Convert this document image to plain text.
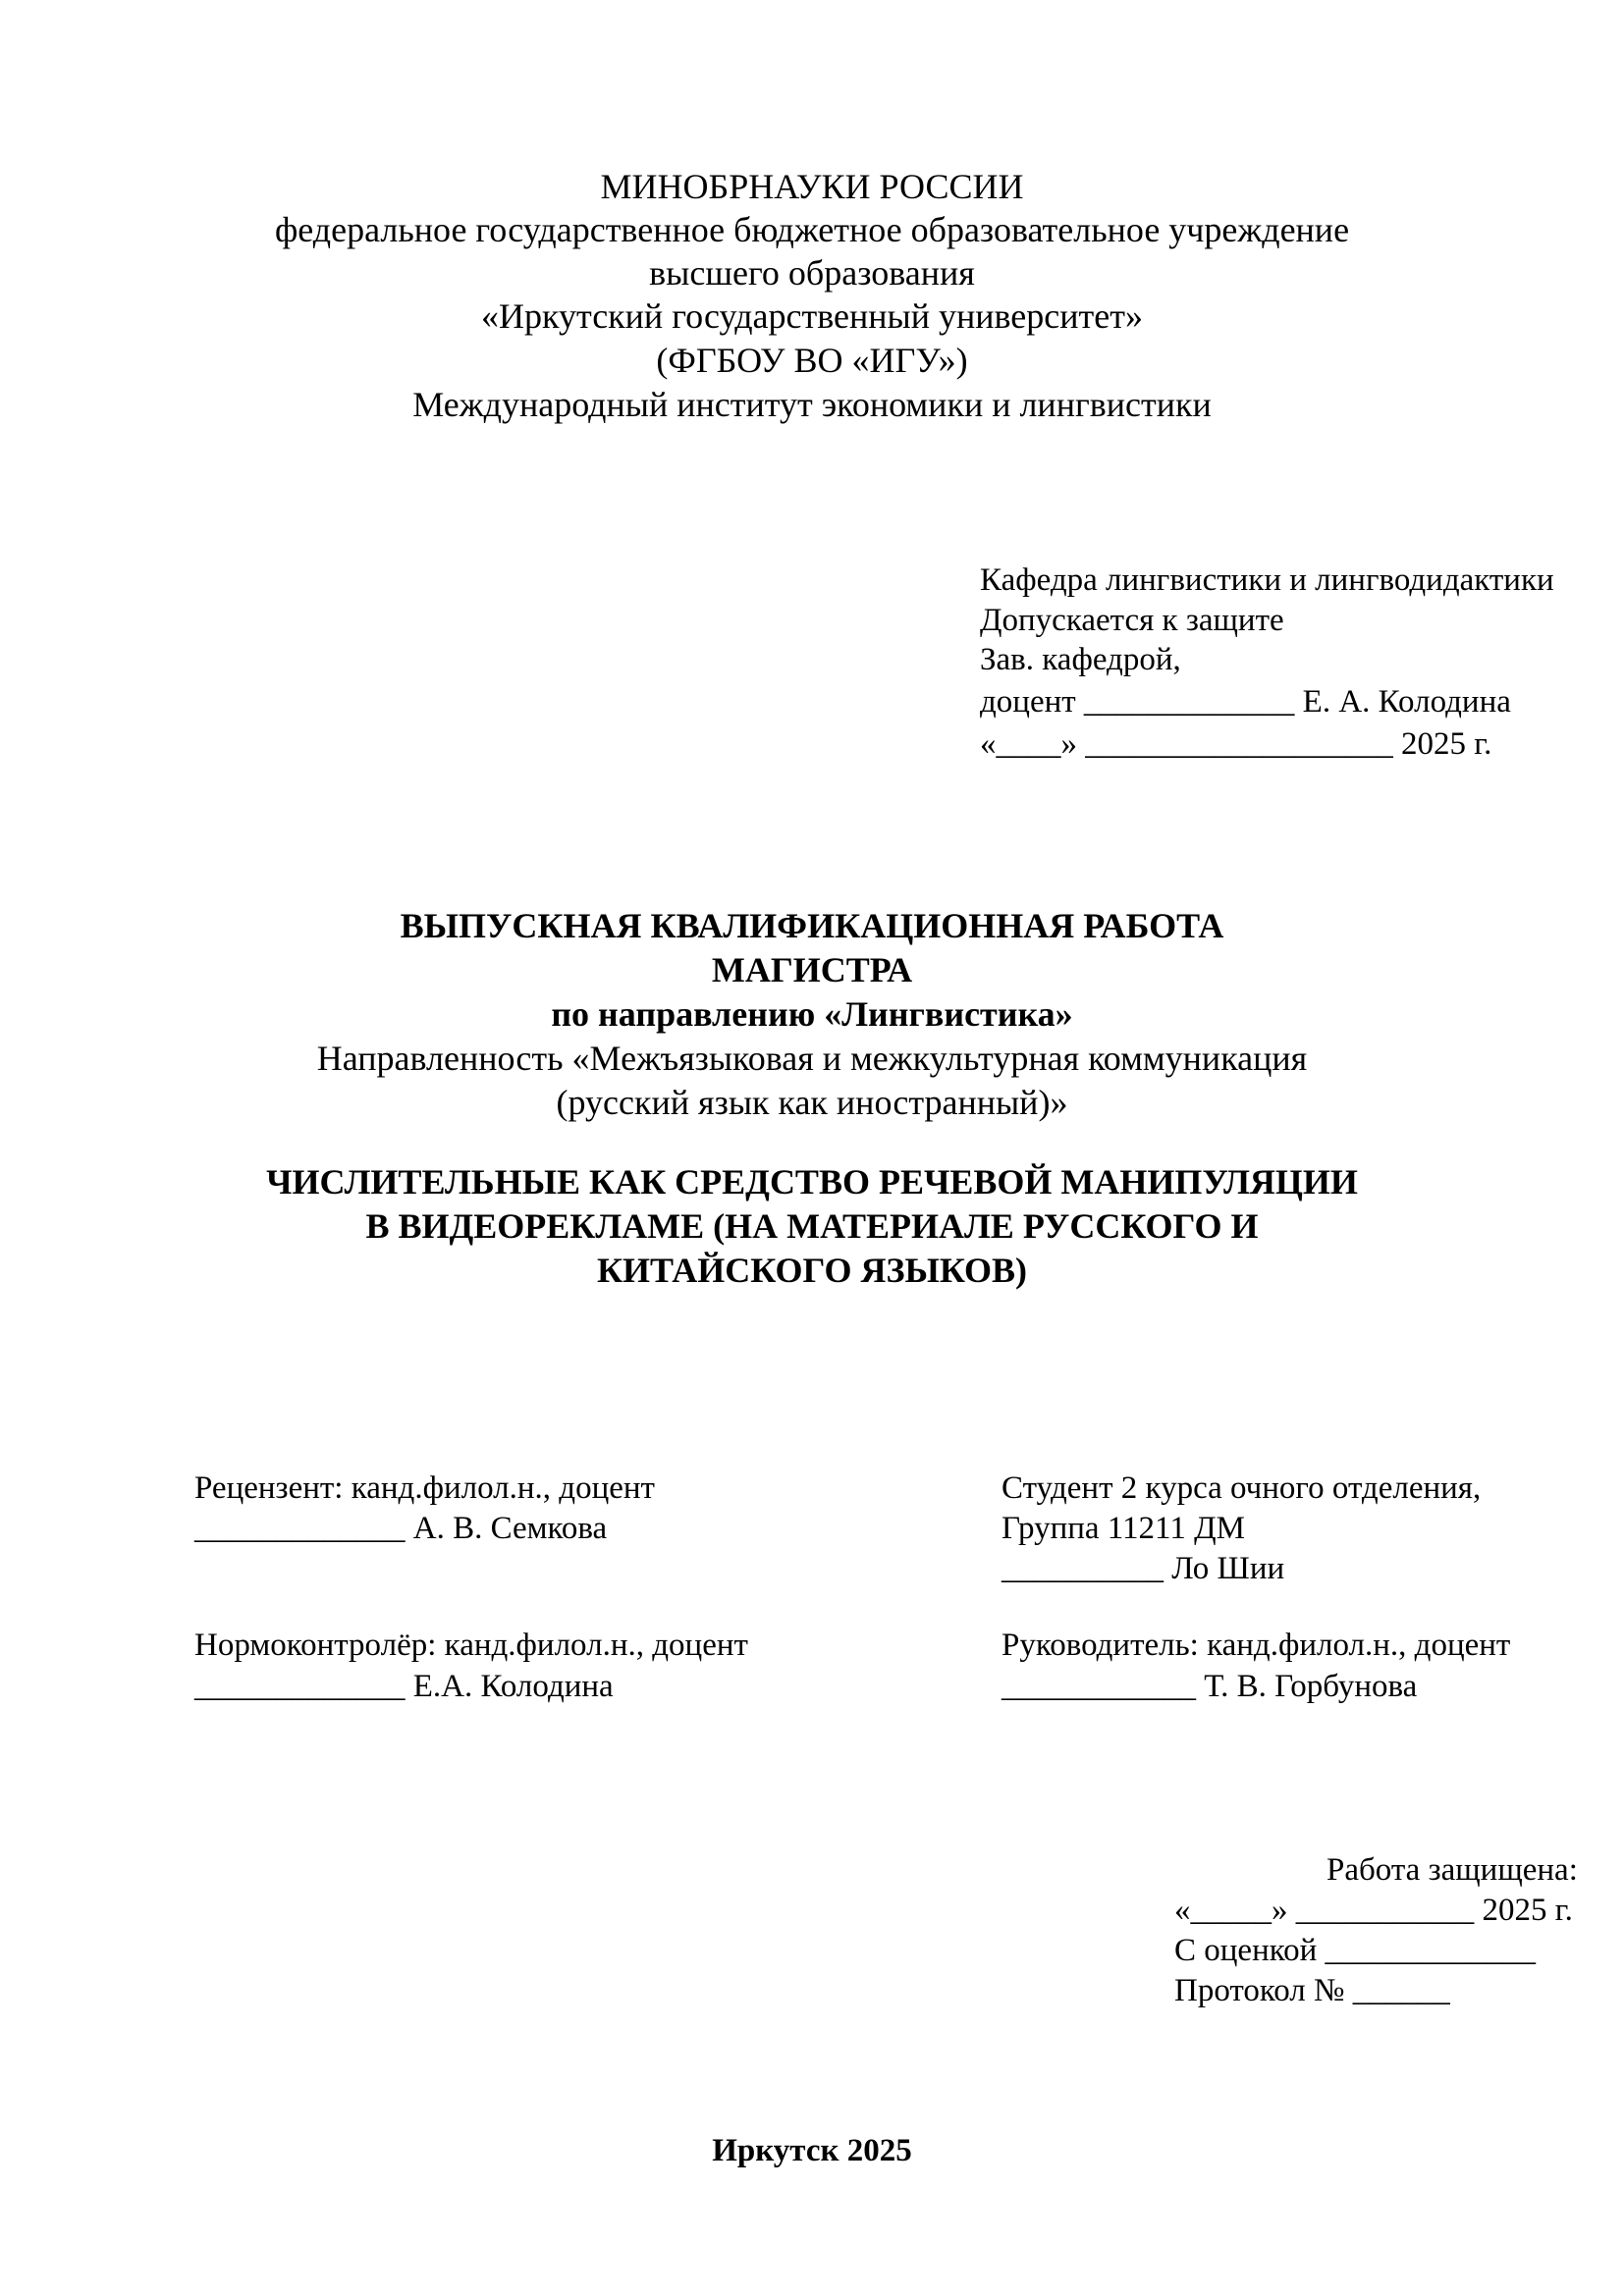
МИНОБРНАУКИ РОССИИ
федеральное государственное бюджетное образовательное учреждение
высшего образования
«Иркутский государственный университет»
(ФГБОУ ВО «ИГУ»)
Международный институт экономики и лингвистики
Кафедра лингвистики и лингводидактики
Допускается к защите
Зав. кафедрой,
доцент _____________ Е. А. Колодина
«____» ___________________ 2025 г.
ВЫПУСКНАЯ КВАЛИФИКАЦИОННАЯ РАБОТА
МАГИСТРА
по направлению «Лингвистика»
Направленность «Межъязыковая и межкультурная коммуникация
(русский язык как иностранный)»
ЧИСЛИТЕЛЬНЫЕ КАК СРЕДСТВО РЕЧЕВОЙ МАНИПУЛЯЦИИ
В ВИДЕОРЕКЛАМЕ (НА МАТЕРИАЛЕ РУССКОГО И
КИТАЙСКОГО ЯЗЫКОВ)
Рецензент: канд.филол.н., доцент
_____________ А. В. Семкова
Нормоконтролёр: канд.филол.н., доцент
_____________ Е.А. Колодина
Студент 2 курса очного отделения,
Группа 11211 ДМ
__________ Ло Шии
Руководитель: канд.филол.н., доцент
____________ Т. В. Горбунова
Работа защищена:
«_____» ___________ 2025 г.
С оценкой _____________
Протокол № ______
Иркутск 2025
